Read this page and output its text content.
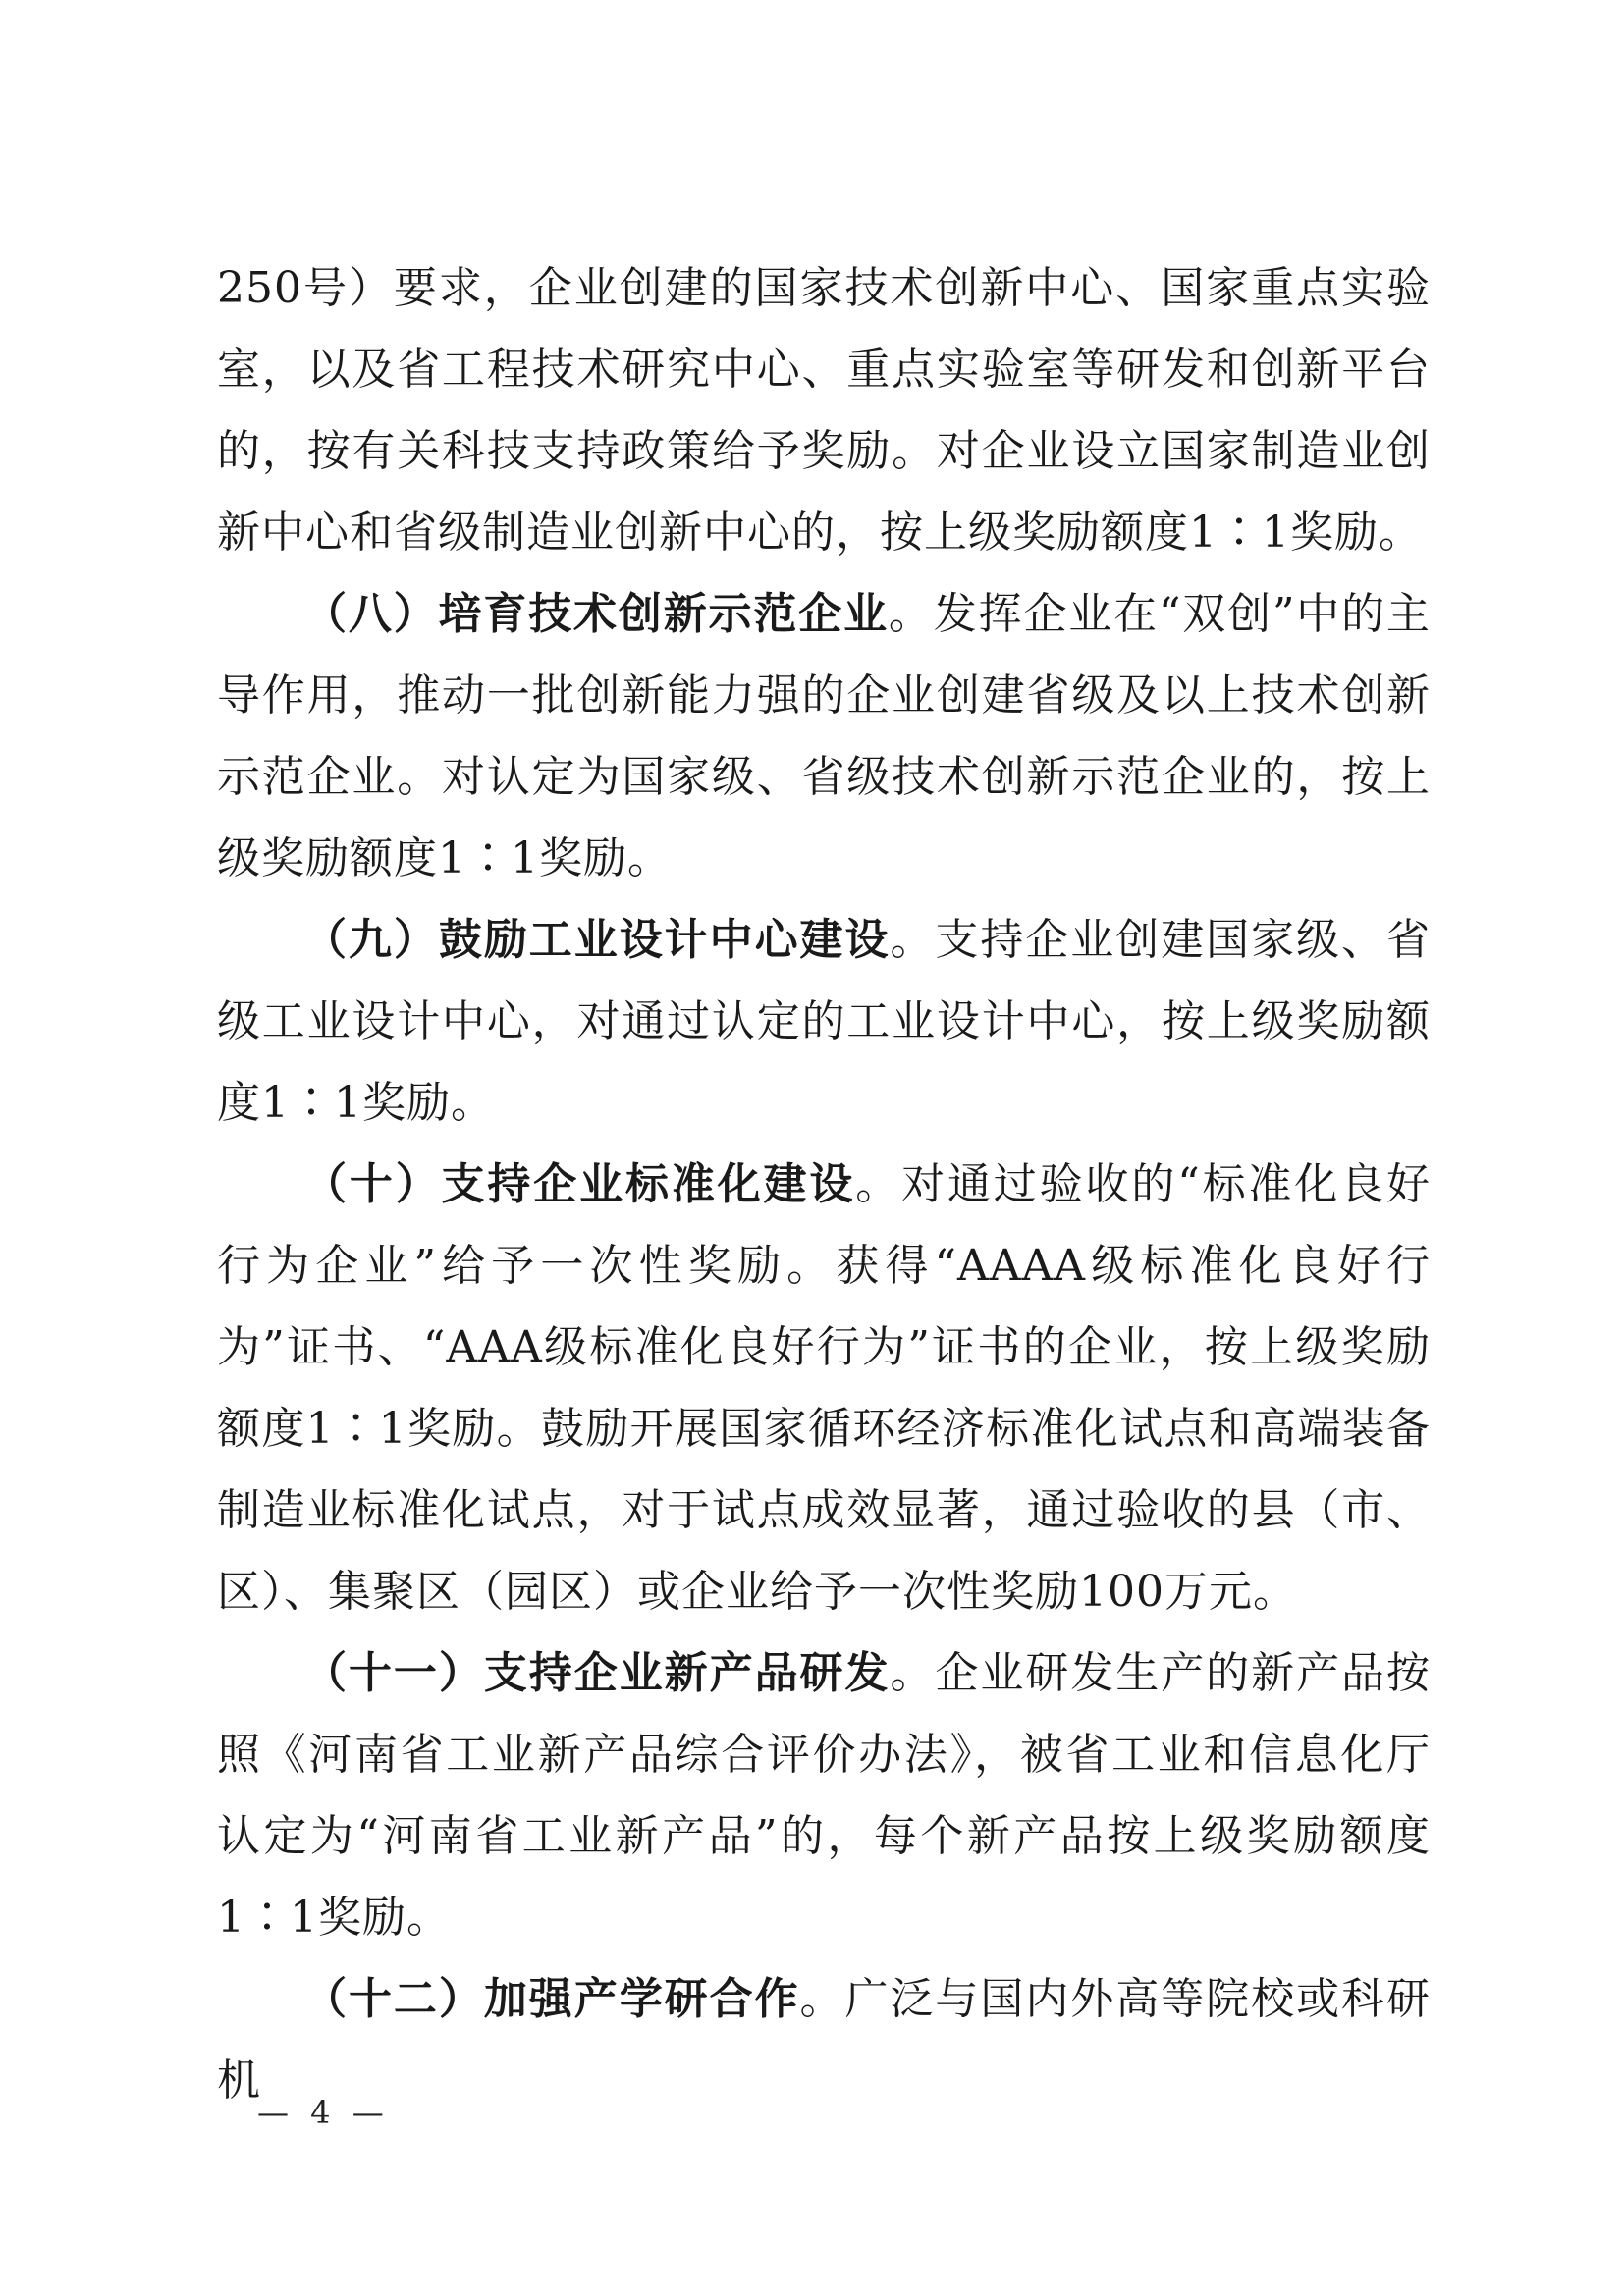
250号）要求，企业创建的国家技术创新中心、国家重点实验室，以及省工程技术研究中心、重点实验室等研发和创新平台的，按有关科技支持政策给予奖励。对企业设立国家制造业创新中心和省级制造业创新中心的，按上级奖励额度1∶1奖励。

（八）培育技术创新示范企业。发挥企业在“双创”中的主导作用，推动一批创新能力强的企业创建省级及以上技术创新示范企业。对认定为国家级、省级技术创新示范企业的，按上级奖励额度1∶1奖励。

（九）鼓励工业设计中心建设。支持企业创建国家级、省级工业设计中心，对通过认定的工业设计中心，按上级奖励额度1∶1奖励。

（十）支持企业标准化建设。对通过验收的“标准化良好行为企业”给予一次性奖励。获得“AAAA级标准化良好行为”证书、“AAA级标准化良好行为”证书的企业，按上级奖励额度1∶1奖励。鼓励开展国家循环经济标准化试点和高端装备制造业标准化试点，对于试点成效显著，通过验收的县（市、区）、集聚区（园区）或企业给予一次性奖励100万元。

（十一）支持企业新产品研发。企业研发生产的新产品按照《河南省工业新产品综合评价办法》，被省工业和信息化厅认定为“河南省工业新产品”的，每个新产品按上级奖励额度1∶1奖励。

（十二）加强产学研合作。广泛与国内外高等院校或科研机

— 4 —
